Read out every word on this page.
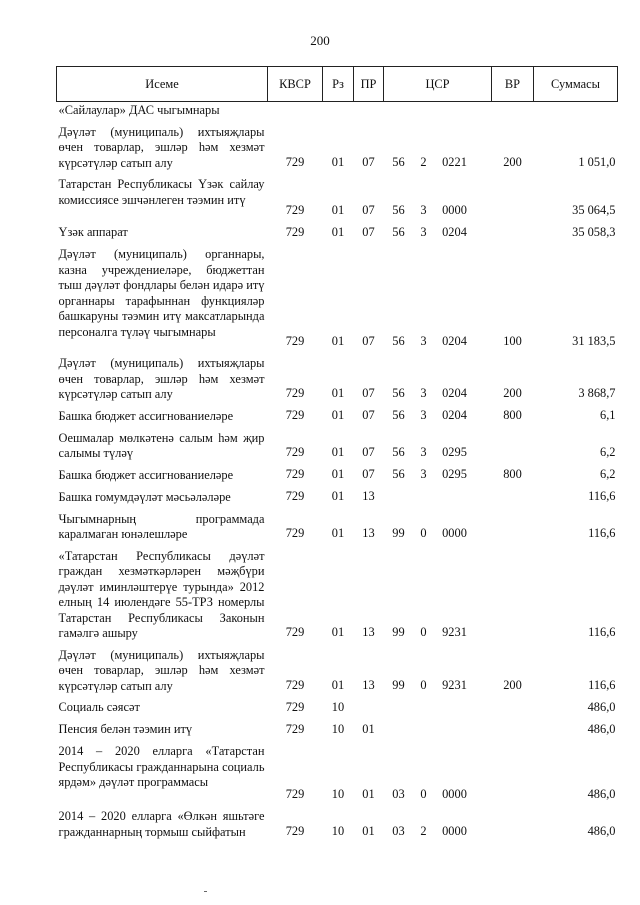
200
Исеме	КВСР	Рз	ПР	ЦСР	ВР	Суммасы
«Сайлаулар» ДАС чыгымнары				

Дәүләт (муниципаль) ихтыяҗлары өчен товарлар, эшләр һәм хезмәт күрсәтүләр сатып алу	729	01	07	56 2 0221	200	1 051,0
Татарстан Республикасы Үзәк сайлау комиссиясе эшчәнлеген тәэмин итү	729	01	07	56 3 0000		35 064,5
Үзәк аппарат	729	01	07	56 3 0204		35 058,3
Дәүләт (муниципаль) органнары, казна учреждениеләре, бюджеттан тыш дәүләт фондлары белән идарә итү органнары тарафыннан функцияләр башкаруны тәэмин итү максатларында персоналга түләү чыгымнары	729	01	07	56 3 0204	100	31 183,5
Дәүләт (муниципаль) ихтыяҗлары өчен товарлар, эшләр һәм хезмәт күрсәтүләр сатып алу	729	01	07	56 3 0204	200	3 868,7
Башка бюджет ассигнованиеләре	729	01	07	56 3 0204	800	6,1
Оешмалар мөлкәтенә салым һәм җир салымы түләү	729	01	07	56 3 0295		6,2
Башка бюджет ассигнованиеләре	729	01	07	56 3 0295	800	6,2
Башка гомумдәүләт мәсьәләләре	729	01	13			116,6
Чыгымнарның программада каралмаган юнәлешләре	729	01	13	99 0 0000		116,6
«Татарстан Республикасы дәүләт граждан хезмәткәрләрен мәҗбүри дәүләт иминләштерүе турында» 2012 елның 14 июлендәге 55-ТРЗ номерлы Татарстан Республикасы Законын гамәлгә ашыру	729	01	13	99 0 9231		116,6
Дәүләт (муниципаль) ихтыяҗлары өчен товарлар, эшләр һәм хезмәт күрсәтүләр сатып алу	729	01	13	99 0 9231	200	116,6
Социаль сәясәт	729	10				486,0
Пенсия белән тәэмин итү	729	10	01			486,0
2014 – 2020 елларга «Татарстан Республикасы гражданнарына социаль ярдәм» дәүләт программасы	729	10	01	03 0 0000		486,0
2014 – 2020 елларга «Өлкән яшьтәге гражданнарның тормыш сыйфатын	729	10	01	03 2 0000		486,0
